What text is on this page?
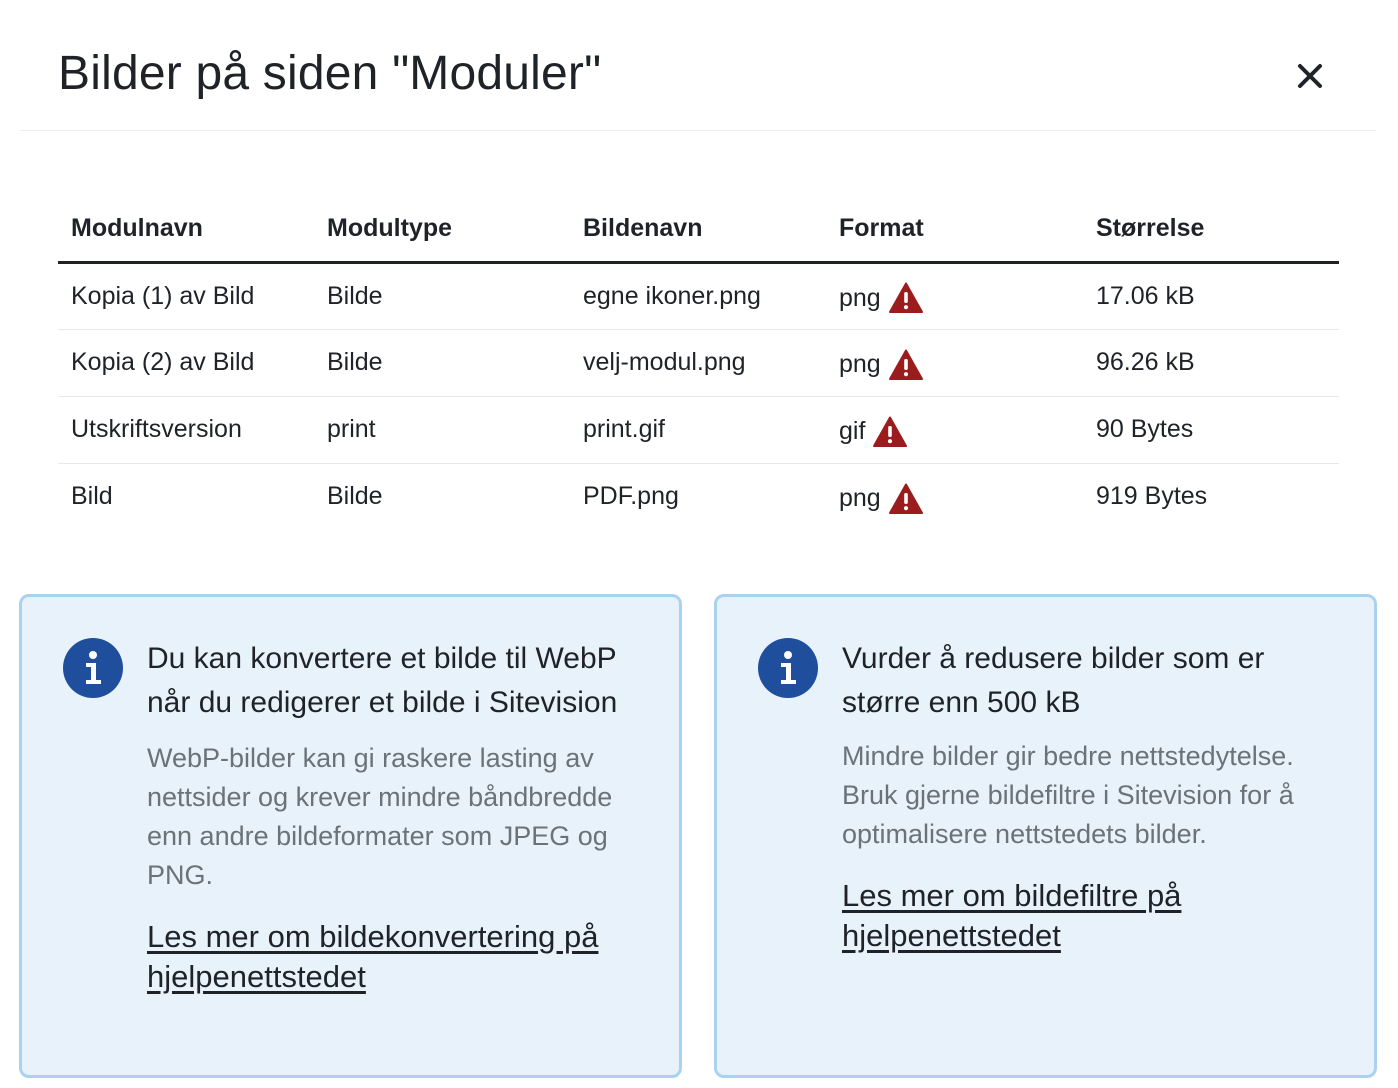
Bilder på siden "Moduler"
Modulnavn	Modultype	Bildenavn	Format	Størrelse
Kopia (1) av Bild	Bilde	egne ikoner.png	png	17.06 kB
Kopia (2) av Bild	Bilde	velj-modul.png	png	96.26 kB
Utskriftsversion	print	print.gif	gif	90 Bytes
Bild	Bilde	PDF.png	png	919 Bytes
Du kan konvertere et bilde til WebP når du redigerer et bilde i Sitevision

WebP-bilder kan gi raskere lasting av nettsider og krever mindre båndbredde enn andre bildeformater som JPEG og PNG.

Les mer om bildekonvertering på hjelpenettstedet
Vurder å redusere bilder som er større enn 500 kB

Mindre bilder gir bedre nettstedytelse. Bruk gjerne bildefiltre i Sitevision for å optimalisere nettstedets bilder.

Les mer om bildefiltre på hjelpenettstedet
